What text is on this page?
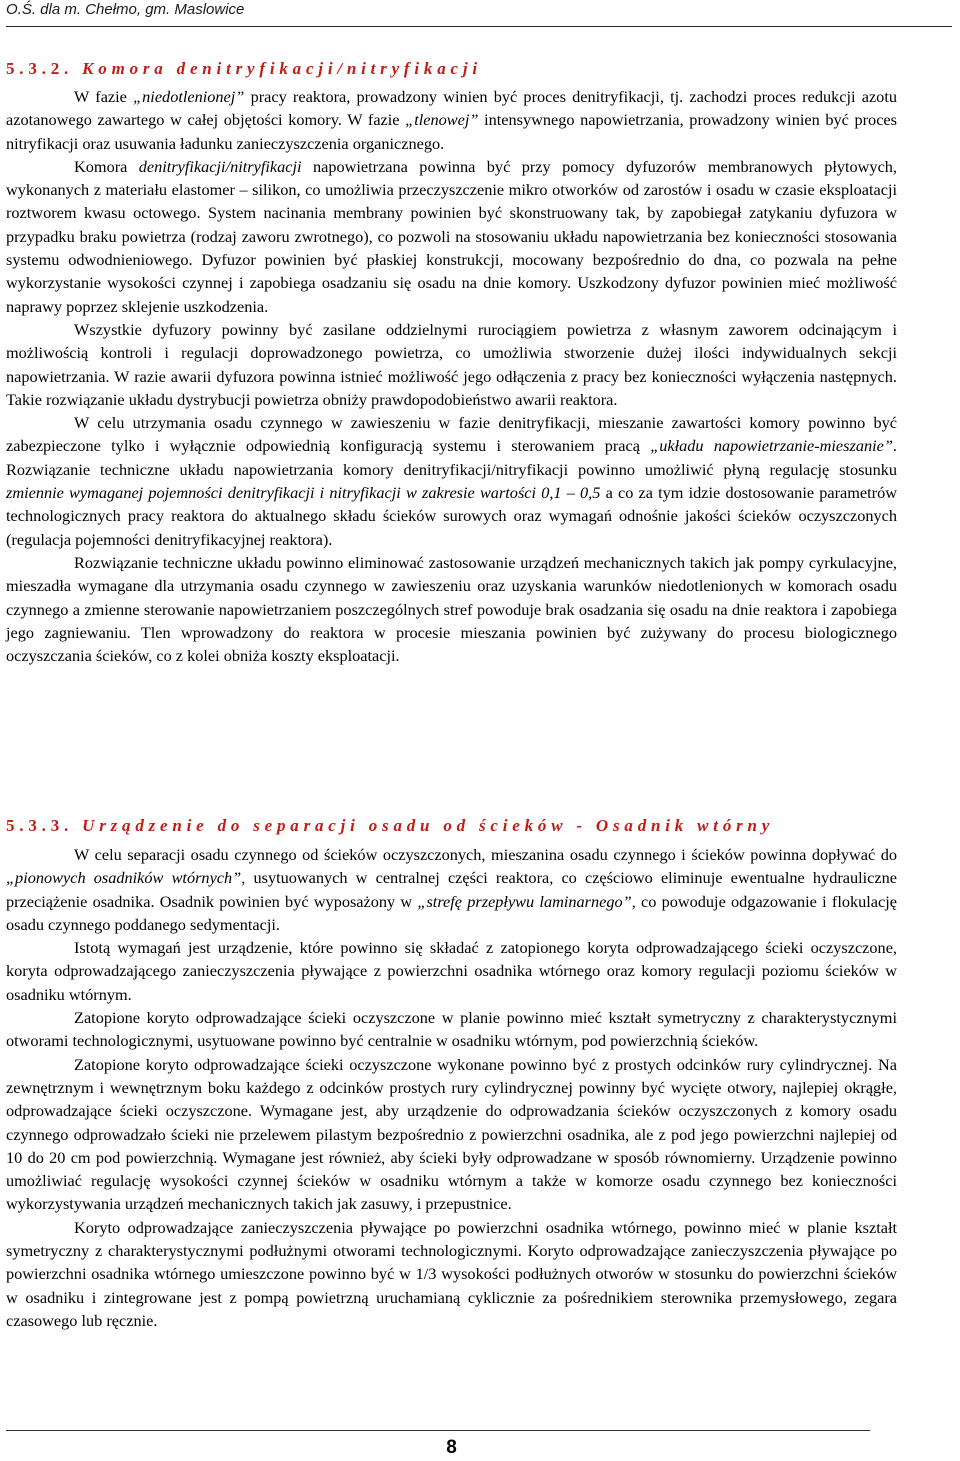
O.Ś. dla m. Chełmo, gm. Maslowice
5.3.2. Komora denitryfikacji/nitryfikacji

W fazie „niedotlenionej” pracy reaktora, prowadzony winien być proces denitryfikacji, tj. zachodzi proces redukcji azotu azotanowego zawartego w całej objętości komory. W fazie „tlenowej” intensywnego napowietrzania, prowadzony winien być proces nitryfikacji oraz usuwania ładunku zanieczyszczenia organicznego.

Komora denitryfikacji/nitryfikacji napowietrzana powinna być przy pomocy dyfuzorów membranowych płytowych, wykonanych z materiału elastomer – silikon, co umożliwia przeczyszczenie mikro otworków od zarostów i osadu w czasie eksploatacji roztworem kwasu octowego. System nacinania membrany powinien być skonstruowany tak, by zapobiegał zatykaniu dyfuzora w przypadku braku powietrza (rodzaj zaworu zwrotnego), co pozwoli na stosowaniu układu napowietrzania bez konieczności stosowania systemu odwodnieniowego. Dyfuzor powinien być płaskiej konstrukcji, mocowany bezpośrednio do dna, co pozwala na pełne wykorzystanie wysokości czynnej i zapobiega osadzaniu się osadu na dnie komory. Uszkodzony dyfuzor powinien mieć możliwość naprawy poprzez sklejenie uszkodzenia.

Wszystkie dyfuzory powinny być zasilane oddzielnymi rurociągiem powietrza z własnym zaworem odcinającym i możliwością kontroli i regulacji doprowadzonego powietrza, co umożliwia stworzenie dużej ilości indywidualnych sekcji napowietrzania. W razie awarii dyfuzora powinna istnieć możliwość jego odłączenia z pracy bez konieczności wyłączenia następnych. Takie rozwiązanie układu dystrybucji powietrza obniży prawdopodobieństwo awarii reaktora.

W celu utrzymania osadu czynnego w zawieszeniu w fazie denitryfikacji, mieszanie zawartości komory powinno być zabezpieczone tylko i wyłącznie odpowiednią konfiguracją systemu i sterowaniem pracą „układu napowietrzanie-mieszanie”. Rozwiązanie techniczne układu napowietrzania komory denitryfikacji/nitryfikacji powinno umożliwić płyną regulację stosunku zmiennie wymaganej pojemności denitryfikacji i nitryfikacji w zakresie wartości 0,1 – 0,5 a co za tym idzie dostosowanie parametrów technologicznych pracy reaktora do aktualnego składu ścieków surowych oraz wymagań odnośnie jakości ścieków oczyszczonych (regulacja pojemności denitryfikacyjnej reaktora).

Rozwiązanie techniczne układu powinno eliminować zastosowanie urządzeń mechanicznych takich jak pompy cyrkulacyjne, mieszadła wymagane dla utrzymania osadu czynnego w zawieszeniu oraz uzyskania warunków niedotlenionych w komorach osadu czynnego a zmienne sterowanie napowietrzaniem poszczególnych stref powoduje brak osadzania się osadu na dnie reaktora i zapobiega jego zagniewaniu. Tlen wprowadzony do reaktora w procesie mieszania powinien być zużywany do procesu biologicznego oczyszczania ścieków, co z kolei obniża koszty eksploatacji.

5.3.3. Urządzenie do separacji osadu od ścieków - Osadnik wtórny

W celu separacji osadu czynnego od ścieków oczyszczonych, mieszanina osadu czynnego i ścieków powinna dopływać do „pionowych osadników wtórnych”, usytuowanych w centralnej części reaktora, co częściowo eliminuje ewentualne hydrauliczne przeciążenie osadnika. Osadnik powinien być wyposażony w „strefę przepływu laminarnego”, co powoduje odgazowanie i flokulację osadu czynnego poddanego sedymentacji.

Istotą wymagań jest urządzenie, które powinno się składać z zatopionego koryta odprowadzającego ścieki oczyszczone, koryta odprowadzającego zanieczyszczenia pływające z powierzchni osadnika wtórnego oraz komory regulacji poziomu ścieków w osadniku wtórnym.

Zatopione koryto odprowadzające ścieki oczyszczone w planie powinno mieć kształt symetryczny z charakterystycznymi otworami technologicznymi, usytuowane powinno być centralnie w osadniku wtórnym, pod powierzchnią ścieków.

Zatopione koryto odprowadzające ścieki oczyszczone wykonane powinno być z prostych odcinków rury cylindrycznej. Na zewnętrznym i wewnętrznym boku każdego z odcinków prostych rury cylindrycznej powinny być wycięte otwory, najlepiej okrągłe, odprowadzające ścieki oczyszczone. Wymagane jest, aby urządzenie do odprowadzania ścieków oczyszczonych z komory osadu czynnego odprowadzało ścieki nie przelewem pilastym bezpośrednio z powierzchni osadnika, ale z pod jego powierzchni najlepiej od 10 do 20 cm pod powierzchnią. Wymagane jest również, aby ścieki były odprowadzane w sposób równomierny. Urządzenie powinno umożliwiać regulację wysokości czynnej ścieków w osadniku wtórnym a także w komorze osadu czynnego bez konieczności wykorzystywania urządzeń mechanicznych takich jak zasuwy, i przepustnice.

Koryto odprowadzające zanieczyszczenia pływające po powierzchni osadnika wtórnego, powinno mieć w planie kształt symetryczny z charakterystycznymi podłużnymi otworami technologicznymi. Koryto odprowadzające zanieczyszczenia pływające po powierzchni osadnika wtórnego umieszczone powinno być w 1/3 wysokości podłużnych otworów w stosunku do powierzchni ścieków w osadniku i zintegrowane jest z pompą powietrzną uruchamianą cyklicznie za pośrednikiem sterownika przemysłowego, zegara czasowego lub ręcznie.

8
